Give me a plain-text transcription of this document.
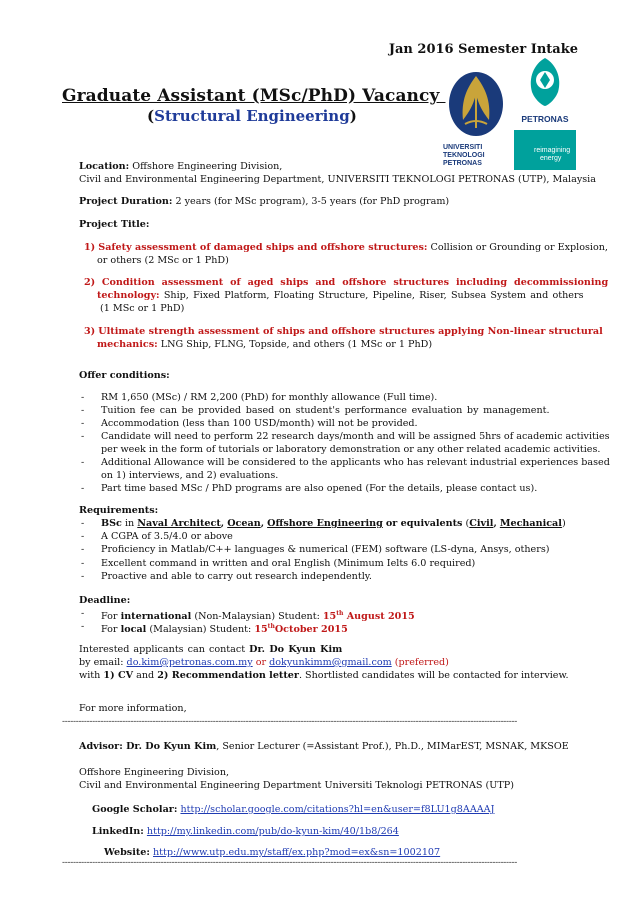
Jan 2016 Semester Intake
Graduate Assistant (MSc/PhD) Vacancy
(Structural Engineering)
UNIVERSITI
TEKNOLOGI
PETRONAS
PETRONAS
reimagining
energy
Location: Offshore Engineering Division,
Civil and Environmental Engineering Department, UNIVERSITI TEKNOLOGI PETRONAS (UTP), Malaysia
Project Duration: 2 years (for MSc program), 3-5 years (for PhD program)
Project Title:
1) Safety assessment of damaged ships and offshore structures: Collision or Grounding or Explosion,
or others (2 MSc or 1 PhD)
2) Condition assessment of aged ships and offshore structures including decommissioning
technology: Ship, Fixed Platform, Floating Structure, Pipeline, Riser, Subsea System and others
(1 MSc or 1 PhD)
3) Ultimate strength assessment of ships and offshore structures applying Non-linear structural
mechanics: LNG Ship, FLNG, Topside, and others (1 MSc or 1 PhD)
Offer conditions:
- RM 1,650 (MSc) / RM 2,200 (PhD) for monthly allowance (Full time).
- Tuition fee can be provided based on student's performance evaluation by management.
- Accommodation (less than 100 USD/month) will not be provided.
- Candidate will need to perform 22 research days/month and will be assigned 5hrs of academic activities
per week in the form of tutorials or laboratory demonstration or any other related academic activities.
- Additional Allowance will be considered to the applicants who has relevant industrial experiences based
on 1) interviews, and 2) evaluations.
- Part time based MSc / PhD programs are also opened (For the details, please contact us).
Requirements:
- BSc in Naval Architect, Ocean, Offshore Engineering or equivalents (Civil, Mechanical)
- A CGPA of 3.5/4.0 or above
- Proficiency in Matlab/C++ languages & numerical (FEM) software (LS-dyna, Ansys, others)
- Excellent command in written and oral English (Minimum Ielts 6.0 required)
- Proactive and able to carry out research independently.
Deadline:
- For international (Non-Malaysian) Student: 15th August 2015
- For local (Malaysian) Student: 15thOctober 2015
Interested applicants can contact Dr. Do Kyun Kim
by email: do.kim@petronas.com.my or dokyunkimm@gmail.com (preferred)
with 1) CV and 2) Recommendation letter. Shortlisted candidates will be contacted for interview.
For more information,
----------------------------------------------------------------------------------------------------------------------------------------------------------------------
Advisor: Dr. Do Kyun Kim, Senior Lecturer (=Assistant Prof.), Ph.D., MIMarEST, MSNAK, MKSOE
Offshore Engineering Division,
Civil and Environmental Engineering Department Universiti Teknologi PETRONAS (UTP)
Google Scholar: http://scholar.google.com/citations?hl=en&user=f8LU1g8AAAAJ
LinkedIn: http://my.linkedin.com/pub/do-kyun-kim/40/1b8/264
Website: http://www.utp.edu.my/staff/ex.php?mod=ex&sn=1002107
----------------------------------------------------------------------------------------------------------------------------------------------------------------------
